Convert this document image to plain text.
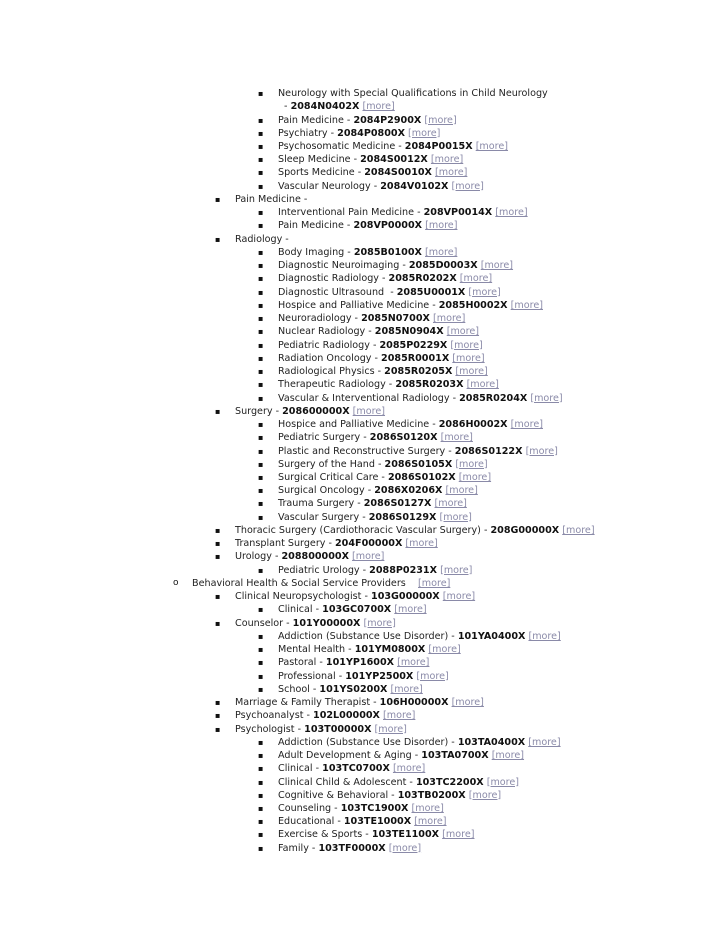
▪ Neurology with Special Qualifications in Child Neurology
- 2084N0402X [more]
▪ Pain Medicine - 2084P2900X [more]
▪ Psychiatry - 2084P0800X [more]
▪ Psychosomatic Medicine - 2084P0015X [more]
▪ Sleep Medicine - 2084S0012X [more]
▪ Sports Medicine - 2084S0010X [more]
▪ Vascular Neurology - 2084V0102X [more]
▪ Pain Medicine -
▪ Interventional Pain Medicine - 208VP0014X [more]
▪ Pain Medicine - 208VP0000X [more]
▪ Radiology -
▪ Body Imaging - 2085B0100X [more]
▪ Diagnostic Neuroimaging - 2085D0003X [more]
▪ Diagnostic Radiology - 2085R0202X [more]
▪ Diagnostic Ultrasound  - 2085U0001X [more]
▪ Hospice and Palliative Medicine - 2085H0002X [more]
▪ Neuroradiology - 2085N0700X [more]
▪ Nuclear Radiology - 2085N0904X [more]
▪ Pediatric Radiology - 2085P0229X [more]
▪ Radiation Oncology - 2085R0001X [more]
▪ Radiological Physics - 2085R0205X [more]
▪ Therapeutic Radiology - 2085R0203X [more]
▪ Vascular & Interventional Radiology - 2085R0204X [more]
▪ Surgery - 208600000X [more]
▪ Hospice and Palliative Medicine - 2086H0002X [more]
▪ Pediatric Surgery - 2086S0120X [more]
▪ Plastic and Reconstructive Surgery - 2086S0122X [more]
▪ Surgery of the Hand - 2086S0105X [more]
▪ Surgical Critical Care - 2086S0102X [more]
▪ Surgical Oncology - 2086X0206X [more]
▪ Trauma Surgery - 2086S0127X [more]
▪ Vascular Surgery - 2086S0129X [more]
▪ Thoracic Surgery (Cardiothoracic Vascular Surgery) - 208G00000X [more]
▪ Transplant Surgery - 204F00000X [more]
▪ Urology - 208800000X [more]
▪ Pediatric Urology - 2088P0231X [more]
o Behavioral Health & Social Service Providers    [more]
▪ Clinical Neuropsychologist - 103G00000X [more]
▪ Clinical - 103GC0700X [more]
▪ Counselor - 101Y00000X [more]
▪ Addiction (Substance Use Disorder) - 101YA0400X [more]
▪ Mental Health - 101YM0800X [more]
▪ Pastoral - 101YP1600X [more]
▪ Professional - 101YP2500X [more]
▪ School - 101YS0200X [more]
▪ Marriage & Family Therapist - 106H00000X [more]
▪ Psychoanalyst - 102L00000X [more]
▪ Psychologist - 103T00000X [more]
▪ Addiction (Substance Use Disorder) - 103TA0400X [more]
▪ Adult Development & Aging - 103TA0700X [more]
▪ Clinical - 103TC0700X [more]
▪ Clinical Child & Adolescent - 103TC2200X [more]
▪ Cognitive & Behavioral - 103TB0200X [more]
▪ Counseling - 103TC1900X [more]
▪ Educational - 103TE1000X [more]
▪ Exercise & Sports - 103TE1100X [more]
▪ Family - 103TF0000X [more]
